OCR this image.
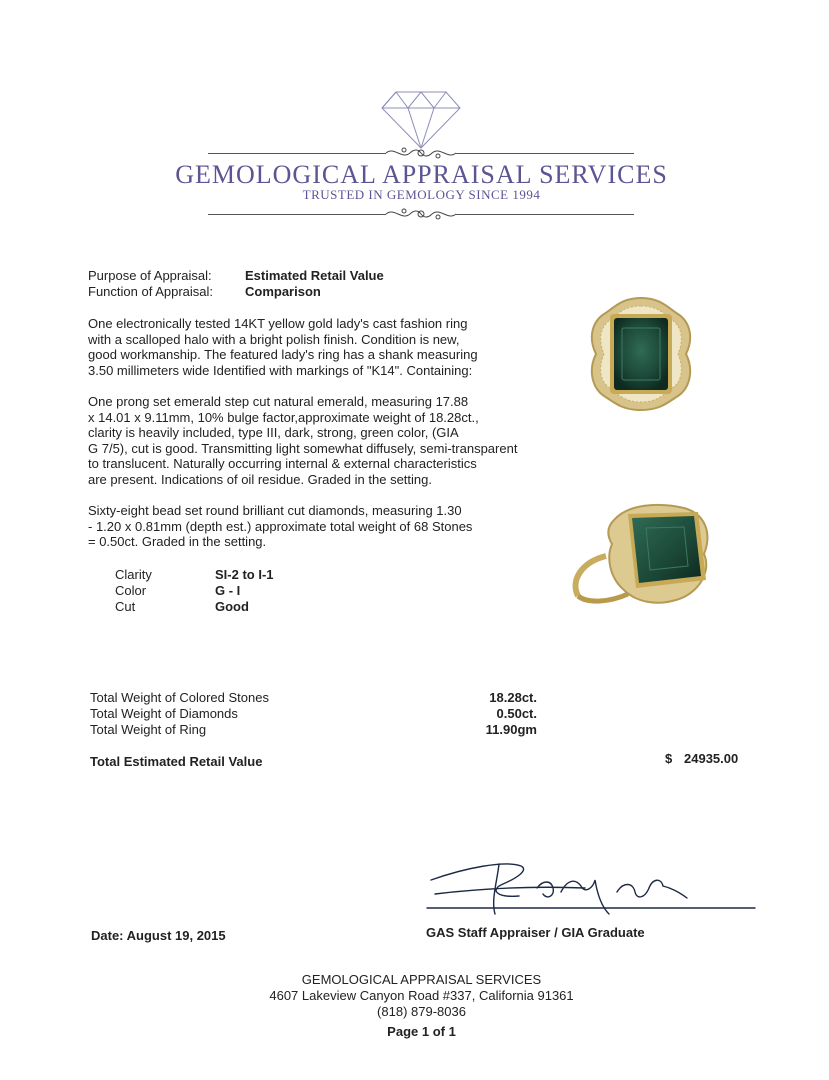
GEMOLOGICAL APPRAISAL SERVICES
TRUSTED IN GEMOLOGY SINCE 1994
Purpose of Appraisal:	Estimated Retail Value
Function of Appraisal: Comparison
One electronically tested 14KT yellow gold lady's cast fashion ring
with a scalloped halo with a bright polish finish. Condition is new,
good workmanship. The featured lady's ring has a shank measuring
3.50 millimeters wide Identified with markings of "K14". Containing:
One prong set emerald step cut natural emerald, measuring 17.88
x 14.01 x 9.11mm, 10% bulge factor,approximate weight of 18.28ct.,
clarity is heavily included, type III, dark, strong, green color, (GIA
G 7/5), cut is good. Transmitting light somewhat diffusely, semi-transparent
to translucent. Naturally occurring internal & external characteristics
are present. Indications of oil residue. Graded in the setting.
Sixty-eight bead set round brilliant cut diamonds, measuring 1.30
- 1.20 x 0.81mm (depth est.) approximate total weight of 68 Stones
= 0.50ct. Graded in the setting.
Clarity	SI-2 to I-1
Color	G - I
Cut	Good
Total Weight of Colored Stones	18.28ct.
Total Weight of Diamonds	0.50ct.
Total Weight of Ring	11.90gm
Total Estimated Retail Value	$ 24935.00
Date: August 19, 2015	GAS Staff Appraiser / GIA Graduate
GEMOLOGICAL APPRAISAL SERVICES
4607 Lakeview Canyon Road #337, California 91361
(818) 879-8036
Page 1 of 1
